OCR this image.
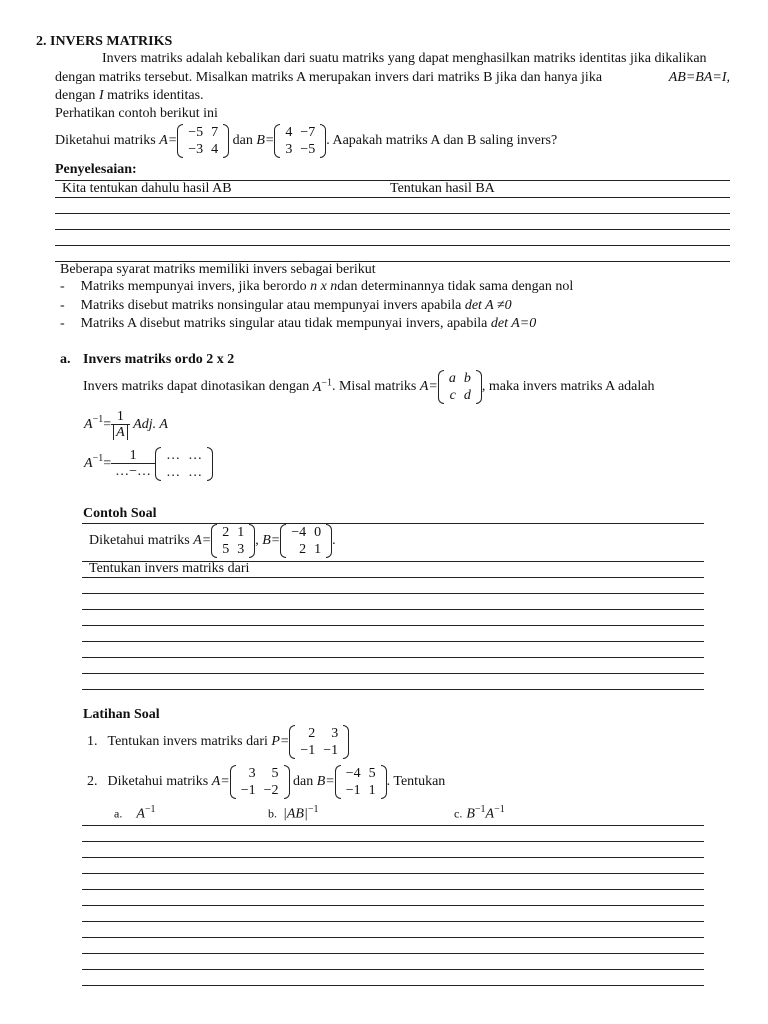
2. INVERS MATRIKS
Invers matriks adalah kebalikan dari suatu matriks yang dapat menghasilkan matriks identitas jika dikalikan
dengan matriks tersebut. Misalkan matriks A merupakan invers dari matriks B jika dan hanya jika	AB=BA=I,
dengan I matriks identitas.
Perhatikan contoh berikut ini
Diketahui matriks A=
−5	7
−3	4
dan B=
4	−7
3	−5
. Aapakah matriks A dan B saling invers?
Penyelesaian:
Kita tentukan dahulu hasil AB	Tentukan hasil BA
Beberapa syarat matriks memiliki invers sebagai berikut
- Matriks mempunyai invers, jika berordo n x ndan determinannya tidak sama dengan nol
- Matriks disebut matriks nonsingular atau mempunyai invers apabila det A ≠0
- Matriks A disebut matriks singular atau tidak mempunyai invers, apabila det A=0
a. Invers matriks ordo 2 x 2
Invers matriks dapat dinotasikan dengan $A^{-1}$. Misal matriks A=
a	b
c	d
, maka invers matriks A adalah
$A^{-1}= \frac{1}{A}$ Adj. A
$A^{-1}= \frac{1}{\dots-\dots}$ …	…
…	…
Contoh Soal
Diketahui matriks A=
2	1
5	3
, B=
−4	0
2	1
.
Tentukan invers matriks dari
Latihan Soal
1. Tentukan invers matriks dari P=
2	3
−1	−1
2. Diketahui matriks A=
3	5
−1	−2
dan B=
−4	5
−1	1
. Tentukan
a. $A^{-1}$	b. $|AB|^{-1}$	c. $B^{-1}A^{-1}$
